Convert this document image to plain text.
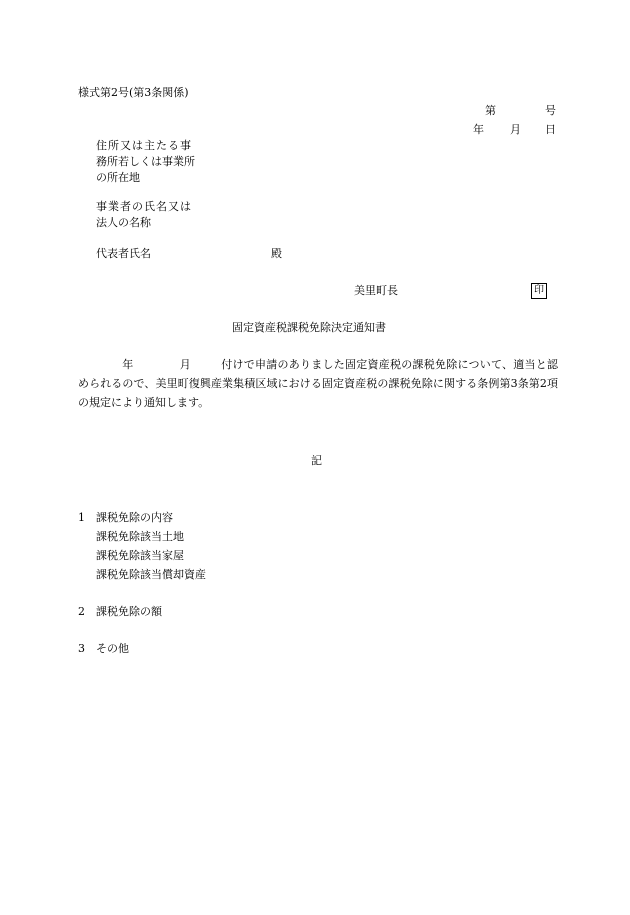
様式第2号(第3条関係)
第	号
年 月 日
住所又は主たる事
務所若しくは事業所
の所在地
事業者の氏名又は
法人の名称
代表者氏名	殿
美里町長	印
固定資産税課税免除決定通知書
年	月	付けで申請のありました固定資産税の課税免除について、適当と認められるので、美里町復興産業集積区域における固定資産税の課税免除に関する条例第3条第2項の規定により通知します。
記
1 課税免除の内容
課税免除該当土地
課税免除該当家屋
課税免除該当償却資産
2 課税免除の額
3 その他
